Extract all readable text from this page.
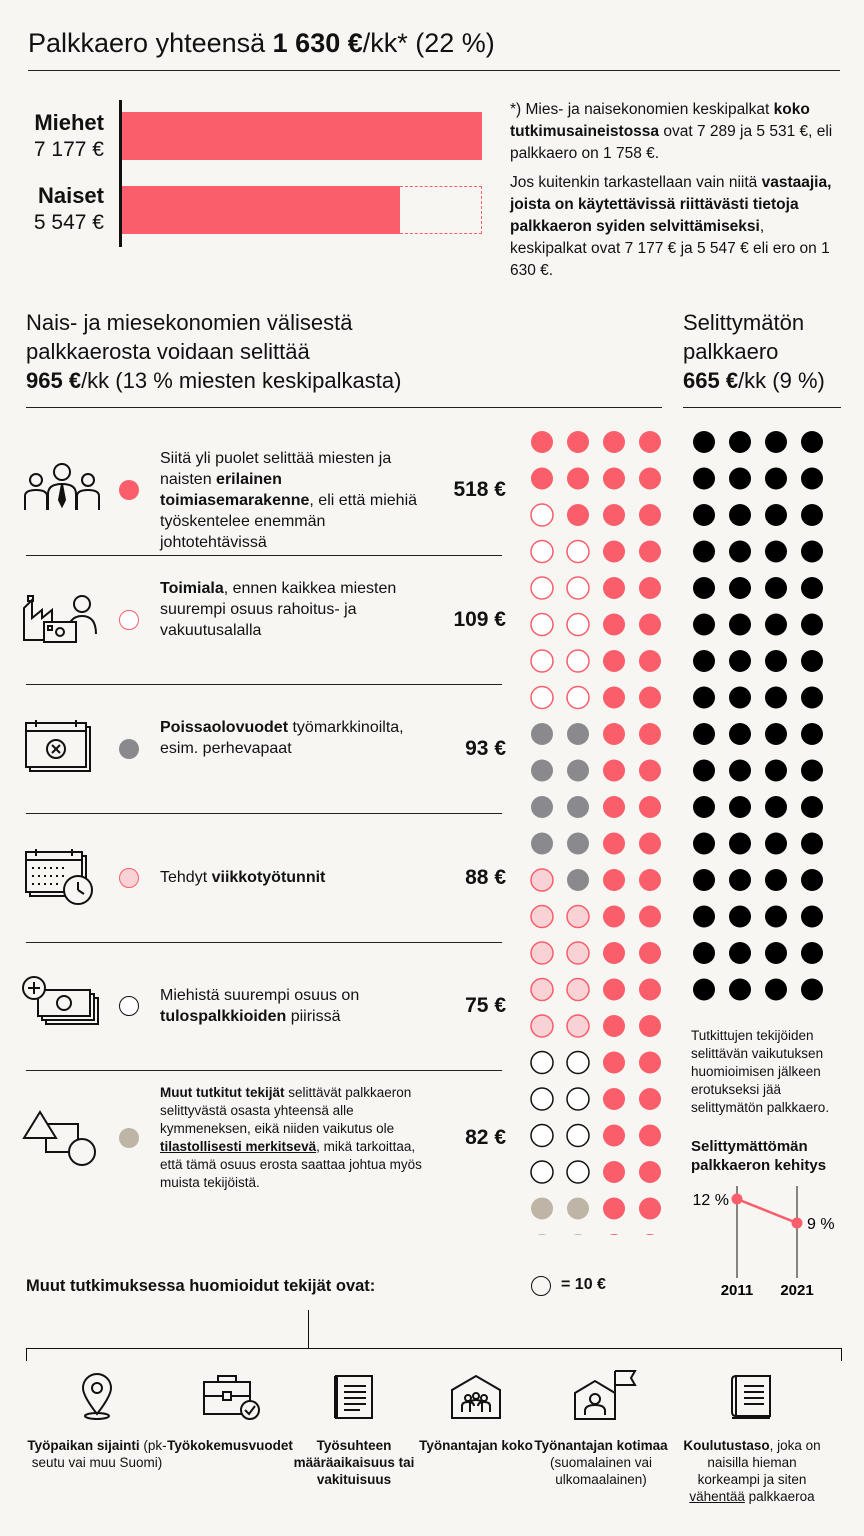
Palkkaero yhteensä 1 630 €/kk* (22 %)
Miehet
7 177 €
Naiset
5 547 €
*) Mies- ja naisekonomien keskipalkat koko tutkimusaineistossa ovat 7 289 ja 5 531 €, eli palkkaero on 1 758 €.
Jos kuitenkin tarkastellaan vain niitä vastaajia, joista on käytettävissä riittävästi tietoja palkkaeron syiden selvittämiseksi, keskipalkat ovat 7 177 € ja 5 547 € eli ero on 1 630 €.
Nais- ja miesekonomien välisestä
palkkaerosta voidaan selittää
965 €/kk (13 % miesten keskipalkasta)
Selittymätön
palkkaero
665 €/kk (9 %)
Siitä yli puolet selittää miesten ja naisten erilainen toimiasemarakenne, eli että miehiä työskentelee enemmän johtotehtävissä
518 €
Toimiala, ennen kaikkea miesten suurempi osuus rahoitus- ja vakuutusalalla	109 €
Poissaolovuodet työmarkkinoilta, esim. perhevapaat	93 €
Tehdyt viikkotyötunnit	88 €
Miehistä suurempi osuus on tulospalkkioiden piirissä	75 €
Muut tutkitut tekijät selittävät palkkaeron selittyvästä osasta yhteensä alle kymmeneksen, eikä niiden vaikutus ole tilastollisesti merkitsevä, mikä tarkoittaa, että tämä osuus erosta saattaa johtua myös muista tekijöistä.
82 €
Tutkittujen tekijöiden selittävän vaikutuksen huomioimisen jälkeen erotukseksi jää selittymätön palkkaero.
Selittymättömän palkkaeron kehitys
12 %
9 %
2011 2021
= 10 €
Muut tutkimuksessa huomioidut tekijät ovat:
Työpaikan sijainti (pk-seutu vai muu Suomi)
Työkokemusvuodet	Työsuhteen määräaikaisuus tai vakituisuus
Työnantajan koko Työnantajan kotimaa (suomalainen vai ulkomaalainen)
Koulutustaso, joka on naisilla hieman korkeampi ja siten vähentää palkkaeroa
